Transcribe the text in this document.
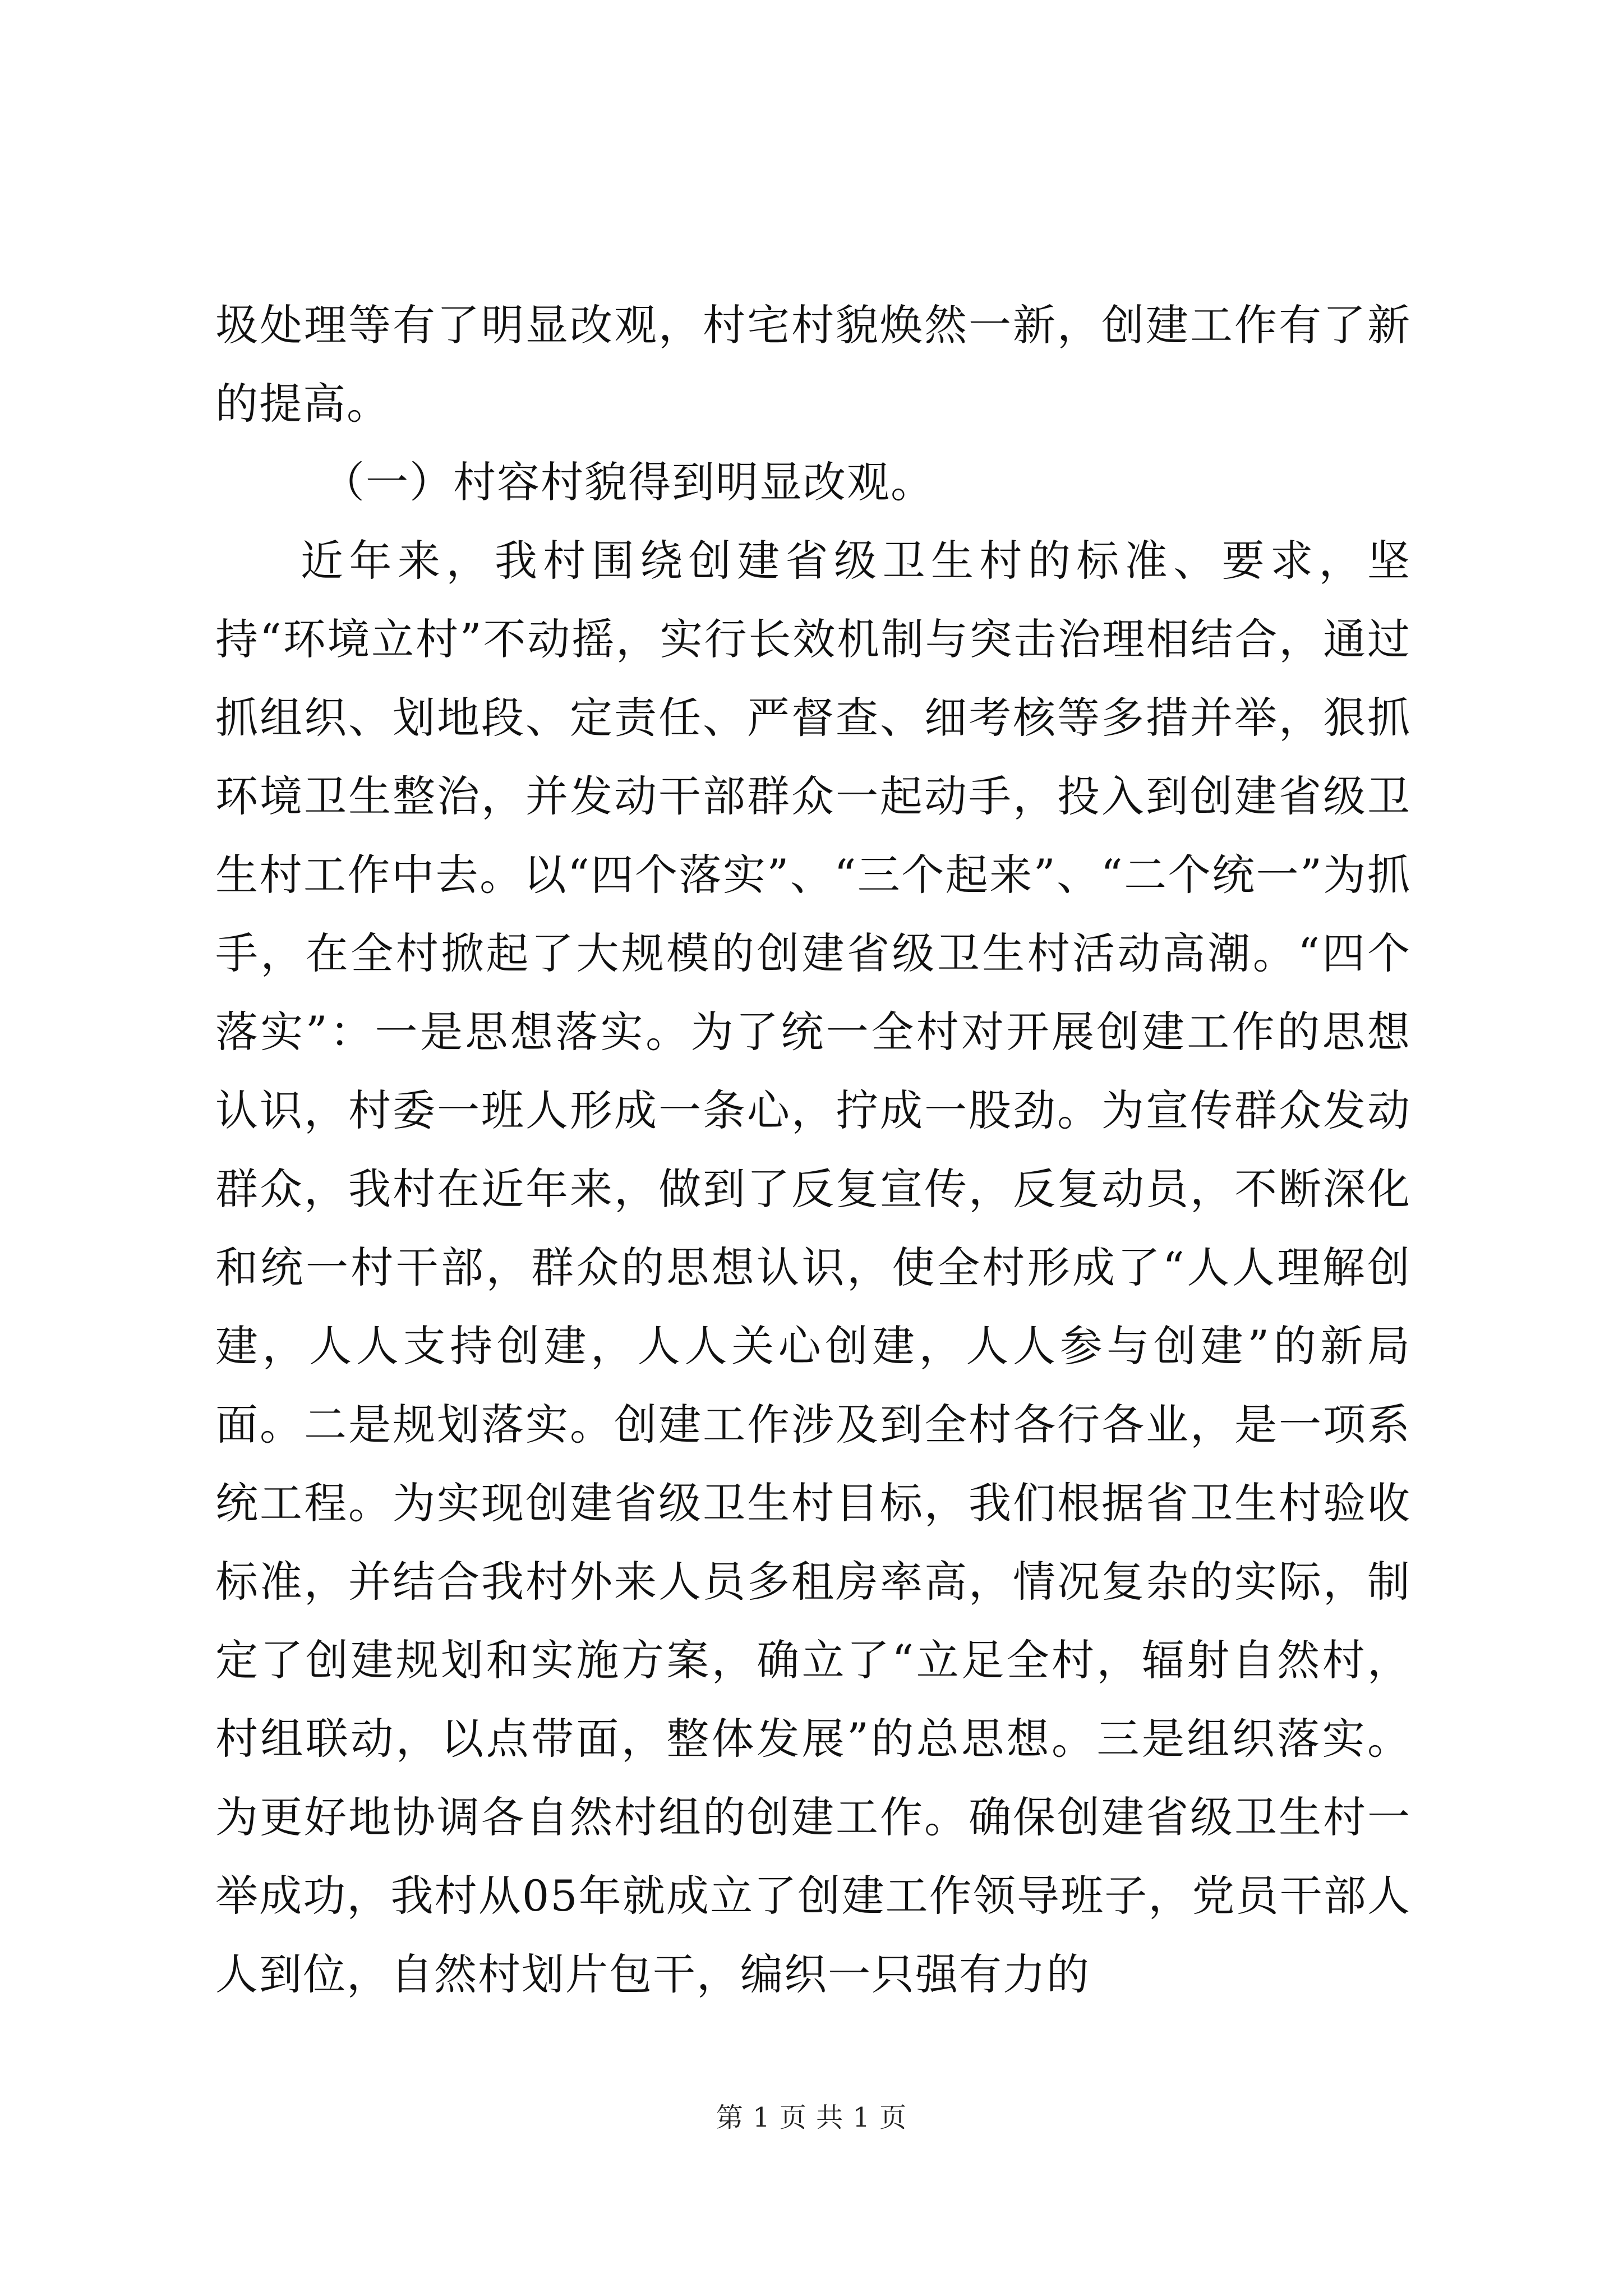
圾处理等有了明显改观，村宅村貌焕然一新，创建工作有了新的提高。

（一）村容村貌得到明显改观。

近年来，我村围绕创建省级卫生村的标准、要求，坚持“环境立村”不动摇，实行长效机制与突击治理相结合，通过抓组织、划地段、定责任、严督查、细考核等多措并举，狠抓环境卫生整治，并发动干部群众一起动手，投入到创建省级卫生村工作中去。以“四个落实”、“三个起来”、“二个统一”为抓手，在全村掀起了大规模的创建省级卫生村活动高潮。“四个落实”：一是思想落实。为了统一全村对开展创建工作的思想认识，村委一班人形成一条心，拧成一股劲。为宣传群众发动群众，我村在近年来，做到了反复宣传，反复动员，不断深化和统一村干部，群众的思想认识，使全村形成了“人人理解创建，人人支持创建，人人关心创建，人人参与创建”的新局面。二是规划落实。创建工作涉及到全村各行各业，是一项系统工程。为实现创建省级卫生村目标，我们根据省卫生村验收标准，并结合我村外来人员多租房率高，情况复杂的实际，制定了创建规划和实施方案，确立了“立足全村，辐射自然村，村组联动，以点带面，整体发展”的总思想。三是组织落实。为更好地协调各自然村组的创建工作。确保创建省级卫生村一举成功，我村从05年就成立了创建工作领导班子，党员干部人人到位，自然村划片包干，编织一只强有力的

第 1 页 共 1 页
